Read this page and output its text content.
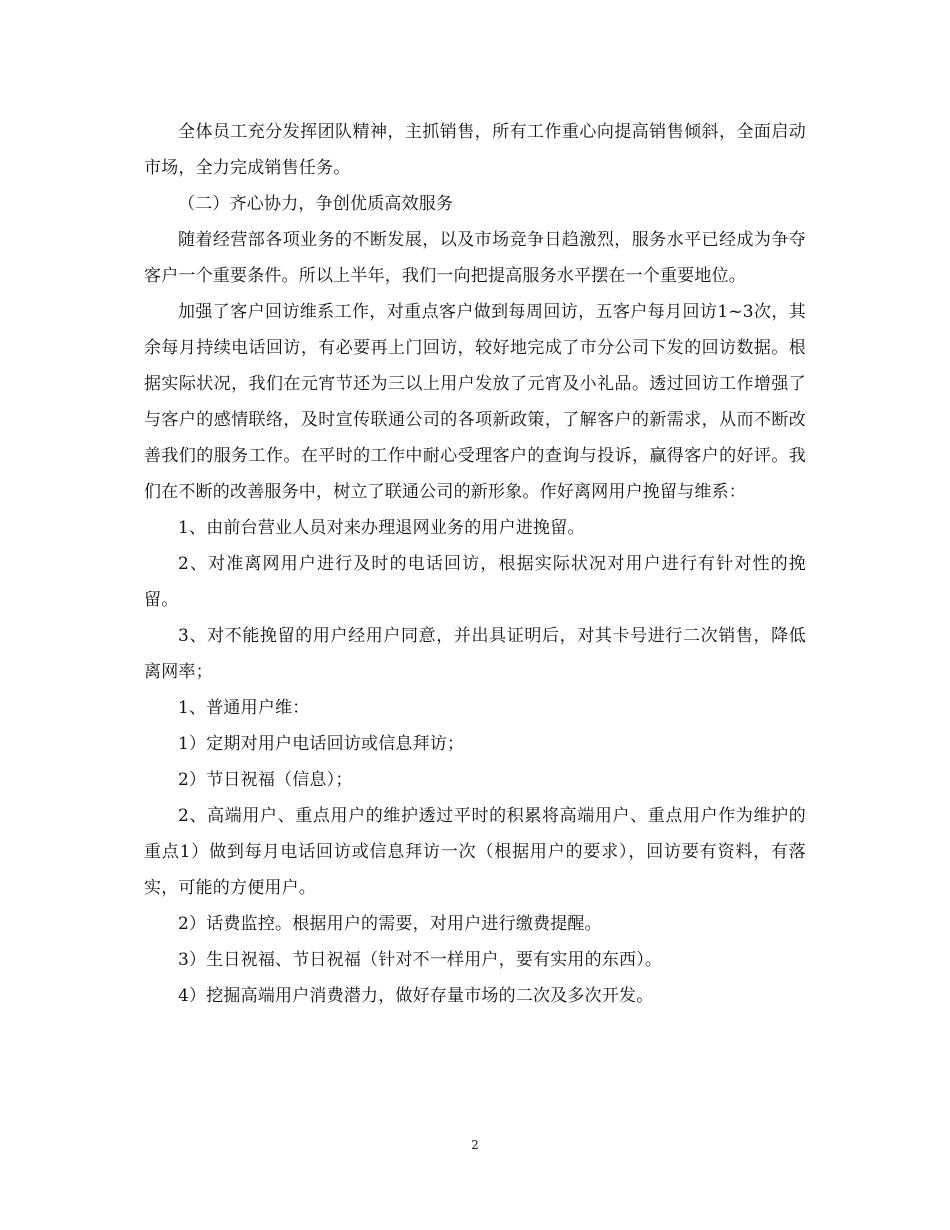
全体员工充分发挥团队精神，主抓销售，所有工作重心向提高销售倾斜，全面启动市场，全力完成销售任务。

（二）齐心协力，争创优质高效服务

随着经营部各项业务的不断发展，以及市场竞争日趋激烈，服务水平已经成为争夺客户一个重要条件。所以上半年，我们一向把提高服务水平摆在一个重要地位。

加强了客户回访维系工作，对重点客户做到每周回访，五客户每月回访1~3次，其余每月持续电话回访，有必要再上门回访，较好地完成了市分公司下发的回访数据。根据实际状况，我们在元宵节还为三以上用户发放了元宵及小礼品。透过回访工作增强了与客户的感情联络，及时宣传联通公司的各项新政策，了解客户的新需求，从而不断改善我们的服务工作。在平时的工作中耐心受理客户的查询与投诉，赢得客户的好评。我们在不断的改善服务中，树立了联通公司的新形象。作好离网用户挽留与维系：

1、由前台营业人员对来办理退网业务的用户进挽留。

2、对准离网用户进行及时的电话回访，根据实际状况对用户进行有针对性的挽留。

3、对不能挽留的用户经用户同意，并出具证明后，对其卡号进行二次销售，降低离网率；

1、普通用户维：

1）定期对用户电话回访或信息拜访；

2）节日祝福（信息）；

2、高端用户、重点用户的维护透过平时的积累将高端用户、重点用户作为维护的重点1）做到每月电话回访或信息拜访一次（根据用户的要求），回访要有资料，有落实，可能的方便用户。

2）话费监控。根据用户的需要，对用户进行缴费提醒。

3）生日祝福、节日祝福（针对不一样用户，要有实用的东西）。

4）挖掘高端用户消费潜力，做好存量市场的二次及多次开发。

2
